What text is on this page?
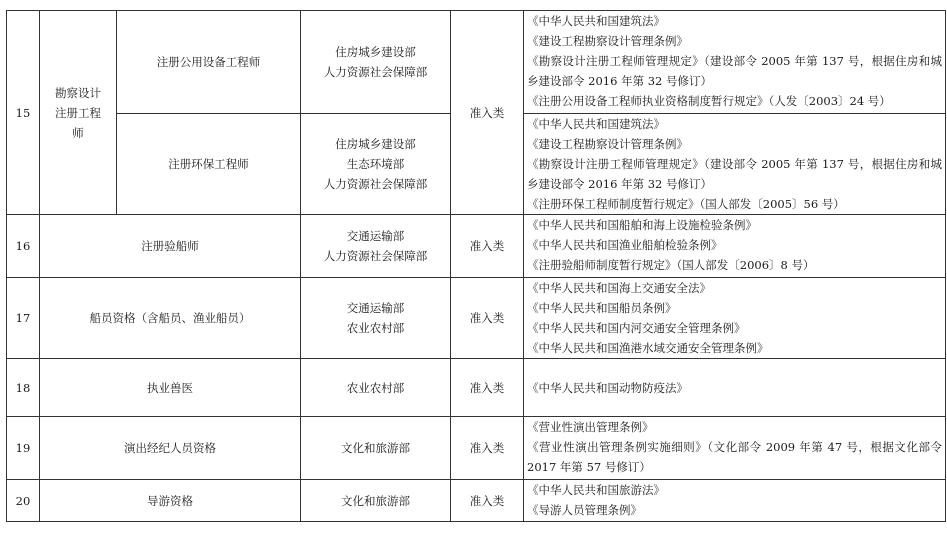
15	勘察设计
注册工程
师	注册公用设备工程师	住房城乡建设部
人力资源社会保障部	准入类	《中华人民共和国建筑法》
《建设工程勘察设计管理条例》
《勘察设计注册工程师管理规定》（建设部令 2005 年第 137 号，根据住房和城乡建设部令 2016 年第 32 号修订）
《注册公用设备工程师执业资格制度暂行规定》（人发〔2003〕24 号）

		注册环保工程师	住房城乡建设部
生态环境部
人力资源社会保障部		《中华人民共和国建筑法》
《建设工程勘察设计管理条例》
《勘察设计注册工程师管理规定》（建设部令 2005 年第 137 号，根据住房和城乡建设部令 2016 年第 32 号修订）
《注册环保工程师制度暂行规定》（国人部发〔2005〕56 号）

16	注册验船师		交通运输部
人力资源社会保障部	准入类	《中华人民共和国船舶和海上设施检验条例》
《中华人民共和国渔业船舶检验条例》
《注册验船师制度暂行规定》（国人部发〔2006〕8 号）

17	船员资格（含船员、渔业船员）		交通运输部
农业农村部	准入类	《中华人民共和国海上交通安全法》
《中华人民共和国船员条例》
《中华人民共和国内河交通安全管理条例》
《中华人民共和国渔港水域交通安全管理条例》

18	执业兽医		农业农村部	准入类	《中华人民共和国动物防疫法》

19	演出经纪人员资格		文化和旅游部	准入类	《营业性演出管理条例》
《营业性演出管理条例实施细则》（文化部令 2009 年第 47 号，根据文化部令 2017 年第 57 号修订）

20	导游资格		文化和旅游部	准入类	《中华人民共和国旅游法》
《导游人员管理条例》
